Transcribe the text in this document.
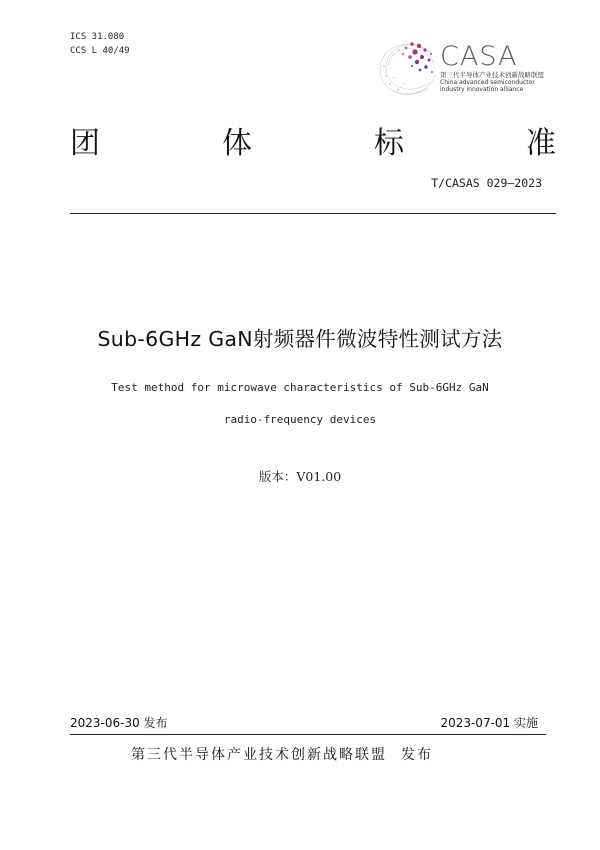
ICS 31.080
CCS L 40/49	CASA
第三代半导体产业技术创新战略联盟
China advanced semiconductor industry innovation alliance
团	体	标	准
T/CASAS 029—2023
Sub-6GHz GaN射频器件微波特性测试方法
Test method for microwave characteristics of Sub-6GHz GaN
radio-frequency devices
版本：V01.00
2023-06-30 发布	2023-07-01 实施
第三代半导体产业技术创新战略联盟 发布
